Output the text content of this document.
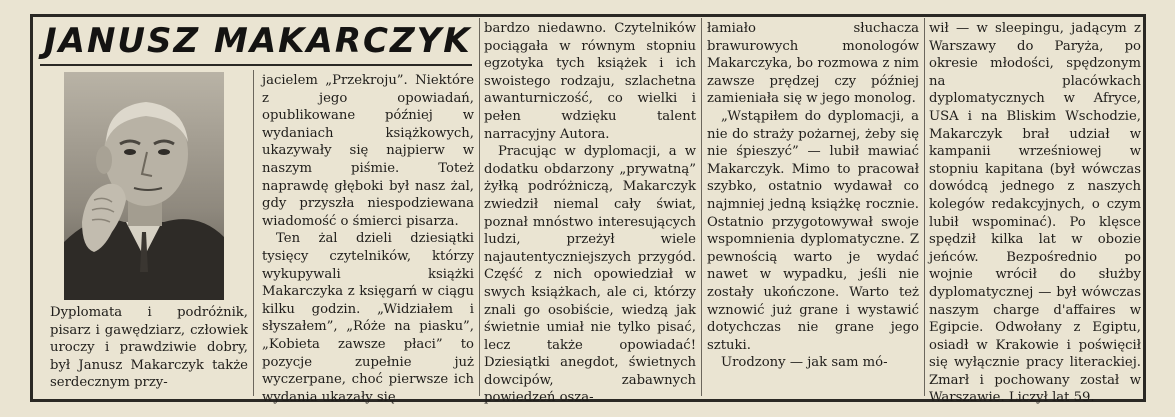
JANUSZ MAKARCZYK

Dyplomata i podróżnik, pisarz i gawędziarz, człowiek uroczy i prawdziwie dobry, był Janusz Makarczyk także serdecznym przy-

jacielem „Przekroju”. Niektóre z jego opowiadań, opublikowane później w wydaniach książkowych, ukazywały się najpierw w naszym piśmie. Toteż naprawdę głęboki był nasz żal, gdy przyszła niespodziewana wiadomość o śmierci pisarza.

Ten żal dzieli dziesiątki tysięcy czytelników, którzy wykupywali książki Makarczyka z księgarń w ciągu kilku godzin. „Widziałem i słyszałem”, „Róże na piasku”, „Kobieta zawsze płaci” to pozycje zupełnie już wyczerpane, choć pierwsze ich wydania ukazały się

bardzo niedawno. Czytelników pociągała w równym stopniu egzotyka tych książek i ich swoistego rodzaju, szlachetna awanturniczość, co wielki i pełen wdzięku talent narracyjny Autora.

Pracując w dyplomacji, a w dodatku obdarzony „prywatną” żyłką podróżniczą, Makarczyk zwiedził niemal cały świat, poznał mnóstwo interesujących ludzi, przeżył wiele najautentyczniejszych przygód. Część z nich opowiedział w swych książkach, ale ci, którzy znali go osobiście, wiedzą jak świetnie umiał nie tylko pisać, lecz także opowiadać! Dziesiątki anegdot, świetnych dowcipów, zabawnych powiedzeń osza-

łamiało słuchacza brawurowych monologów Makarczyka, bo rozmowa z nim zawsze prędzej czy później zamieniała się w jego monolog.

„Wstąpiłem do dyplomacji, a nie do straży pożarnej, żeby się nie śpieszyć” — lubił mawiać Makarczyk. Mimo to pracował szybko, ostatnio wydawał co najmniej jedną książkę rocznie. Ostatnio przygotowywał swoje wspomnienia dyplomatyczne. Z pewnością warto je wydać nawet w wypadku, jeśli nie zostały ukończone. Warto też wznowić już grane i wystawić dotychczas nie grane jego sztuki.

Urodzony — jak sam mó-

wił — w sleepingu, jadącym z Warszawy do Paryża, po okresie młodości, spędzonym na placówkach dyplomatycznych w Afryce, USA i na Bliskim Wschodzie, Makarczyk brał udział w kampanii wrześniowej w stopniu kapitana (był wówczas dowódcą jednego z naszych kolegów redakcyjnych, o czym lubił wspominać). Po klęsce spędził kilka lat w obozie jeńców. Bezpośrednio po wojnie wrócił do służby dyplomatycznej — był wówczas naszym charge d'affaires w Egipcie. Odwołany z Egiptu, osiadł w Krakowie i poświęcił się wyłącznie pracy literackiej. Zmarł i pochowany został w Warszawie. Liczył lat 59.
